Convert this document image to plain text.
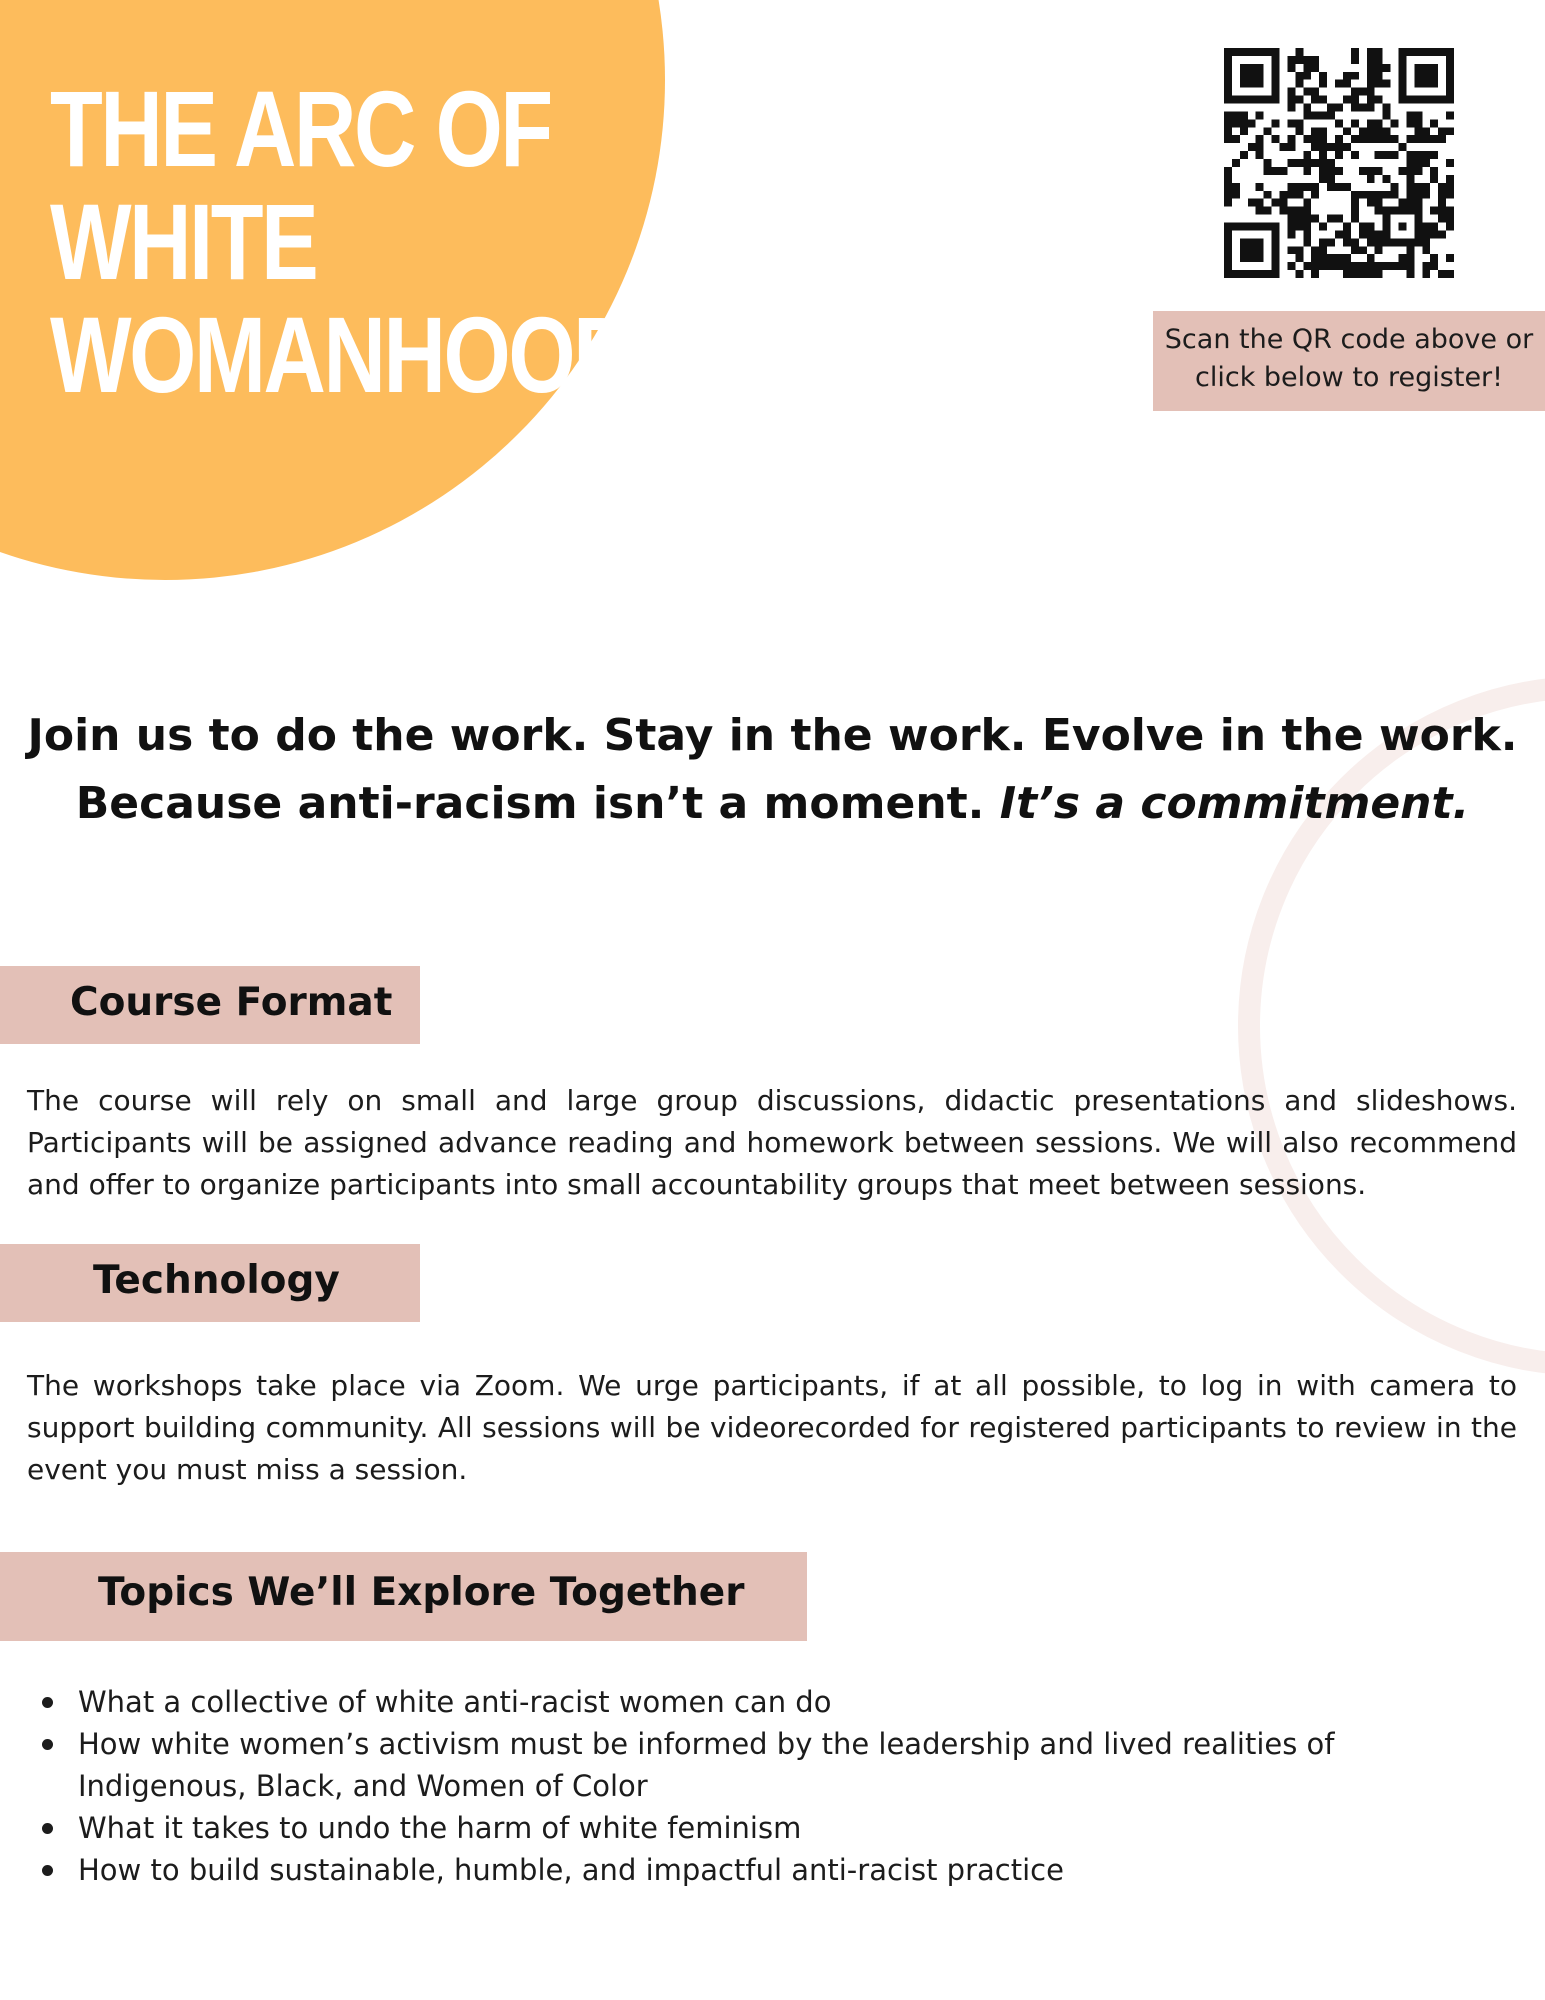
THE ARC OF
WHITE
WOMANHOOD	Scan the QR code above or
click below to register!
Join us to do the work. Stay in the work. Evolve in the work.
Because anti-racism isn’t a moment. It’s a commitment.
Course Format

The course will rely on small and large group discussions, didactic presentations and slideshows. Participants will be assigned advance reading and homework between sessions. We will also recommend and offer to organize participants into small accountability groups that meet between sessions.

Technology

The workshops take place via Zoom. We urge participants, if at all possible, to log in with camera to support building community. All sessions will be videorecorded for registered participants to review in the event you must miss a session.

Topics We’ll Explore Together
What a collective of white anti-racist women can do
How white women’s activism must be informed by the leadership and lived realities of Indigenous, Black, and Women of Color
What it takes to undo the harm of white feminism
How to build sustainable, humble, and impactful anti-racist practice
